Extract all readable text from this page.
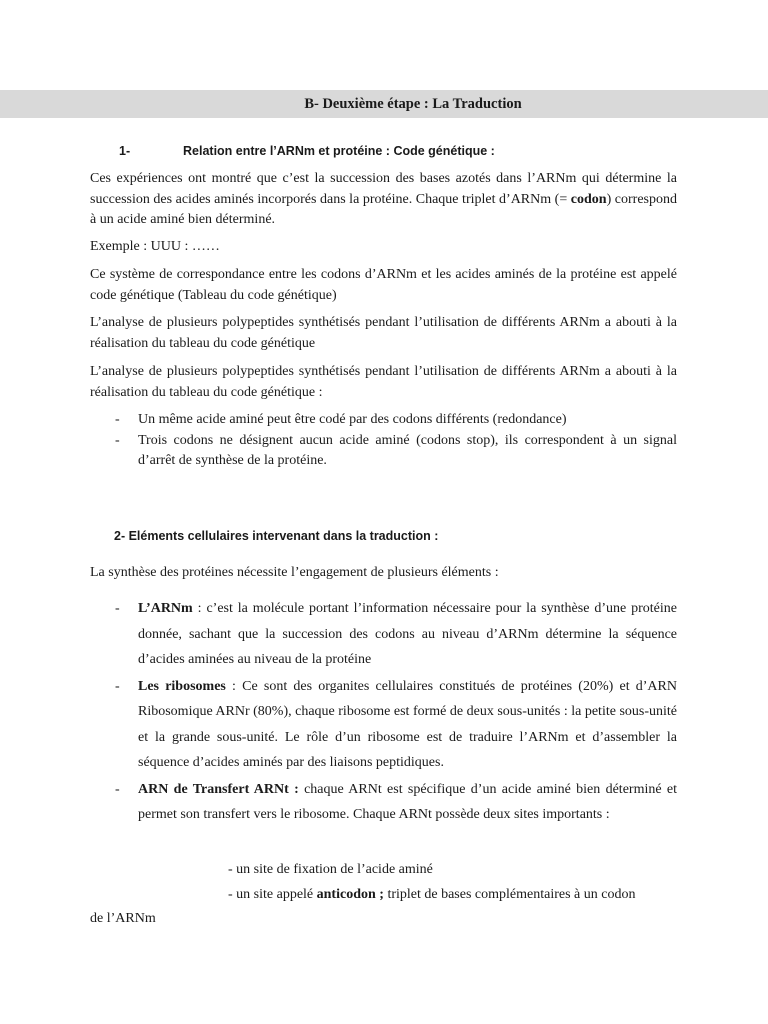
B- Deuxième étape : La Traduction
1-	Relation entre l’ARNm et protéine : Code génétique :

Ces expériences ont montré que c’est la succession des bases azotés dans l’ARNm qui détermine la succession des acides aminés incorporés dans la protéine. Chaque triplet d’ARNm (= codon) correspond à un acide aminé bien déterminé.

Exemple : UUU : ……

Ce système de correspondance entre les codons d’ARNm et les acides aminés de la protéine est appelé code génétique (Tableau du code génétique)

L’analyse de plusieurs polypeptides synthétisés pendant l’utilisation de différents ARNm a abouti à la réalisation du tableau du code génétique

L’analyse de plusieurs polypeptides synthétisés pendant l’utilisation de différents ARNm a abouti à la réalisation du tableau du code génétique :

- Un même acide aminé peut être codé par des codons différents (redondance)
- Trois codons ne désignent aucun acide aminé (codons stop), ils correspondent à un signal d’arrêt de synthèse de la protéine.
2- Eléments cellulaires intervenant dans la traduction :

La synthèse des protéines nécessite l’engagement de plusieurs éléments :

- L’ARNm : c’est la molécule portant l’information nécessaire pour la synthèse d’une protéine donnée, sachant que la succession des codons au niveau d’ARNm détermine la séquence d’acides aminées au niveau de la protéine
- Les ribosomes : Ce sont des organites cellulaires constitués de protéines (20%) et d’ARN Ribosomique ARNr (80%), chaque ribosome est formé de deux sous-unités : la petite sous-unité et la grande sous-unité. Le rôle d’un ribosome est de traduire l’ARNm et d’assembler la séquence d’acides aminés par des liaisons peptidiques.
- ARN de Transfert ARNt : chaque ARNt est spécifique d’un acide aminé bien déterminé et permet son transfert vers le ribosome. Chaque ARNt possède deux sites importants :

- un site de fixation de l’acide aminé

- un site appelé anticodon ; triplet de bases complémentaires à un codon

de l’ARNm
